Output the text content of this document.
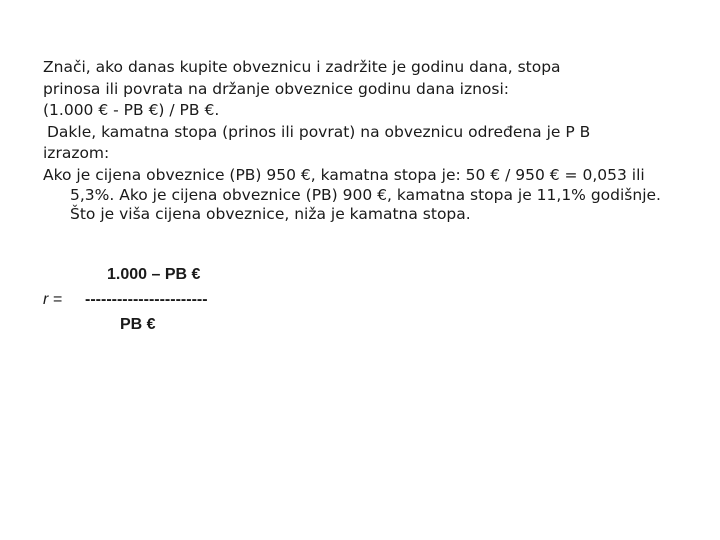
Znači, ako danas kupite obveznicu i zadržite je godinu dana, stopa
prinosa ili povrata na držanje obveznice godinu dana iznosi:
(1.000 € - PB €) / PB €.
Dakle, kamatna stopa (prinos ili povrat) na obveznicu određena je P B
izrazom:
Ako je cijena obveznice (PB) 950 €, kamatna stopa je: 50 € / 950 € = 0,053 ili
5,3%. Ako je cijena obveznice (PB) 900 €, kamatna stopa je 11,1% godišnje.
Što je viša cijena obveznice, niža je kamatna stopa.
1.000 – PB €
r = -----------------------
PB €
